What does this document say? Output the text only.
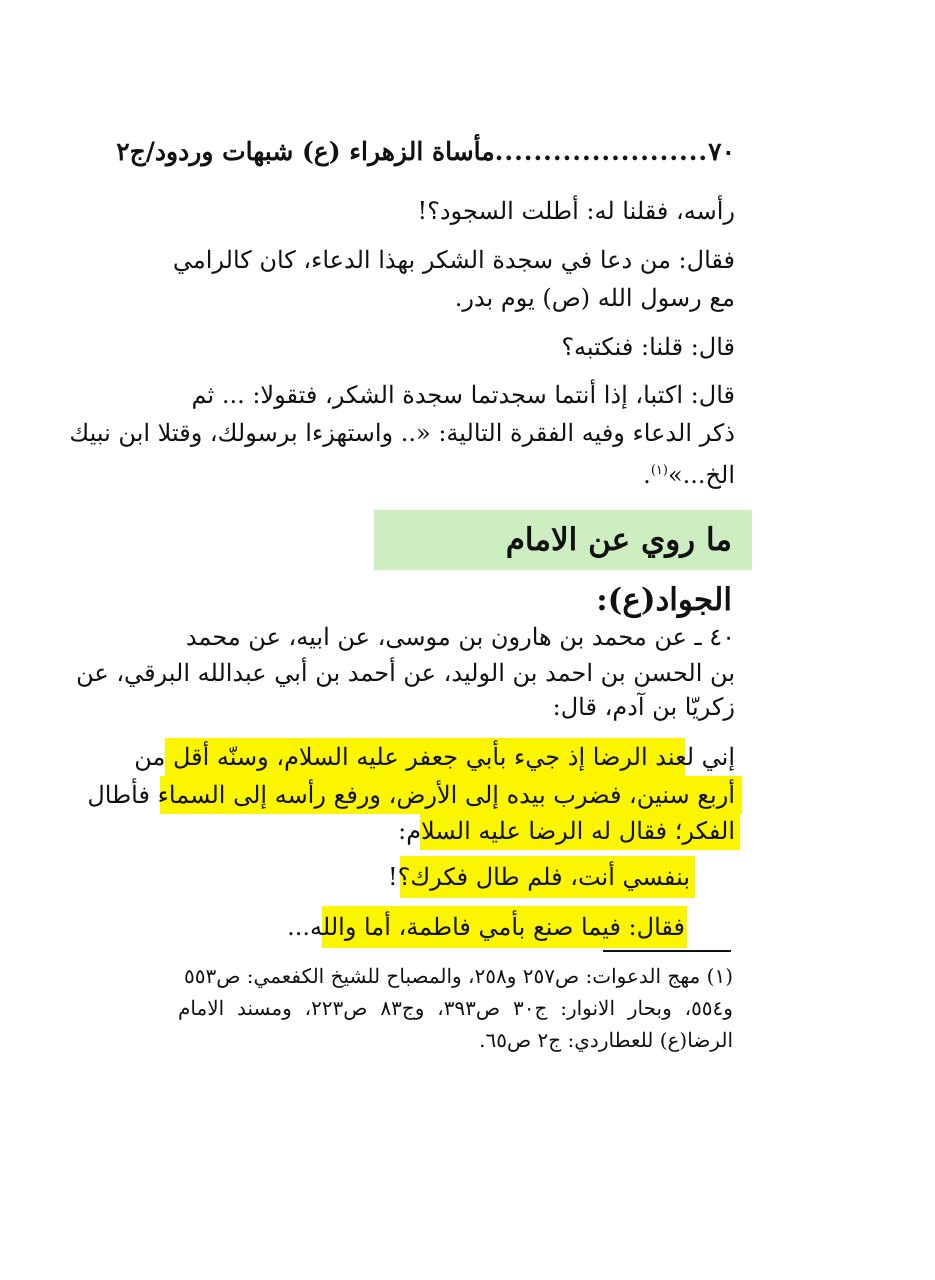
٧٠
......................
مأساة الزهراء (ع) شبهات وردود/ج٢

رأسه، فقلنا له: أطلت السجود؟!

فقال: من دعا في سجدة الشكر بهذا الدعاء، كان كالرامي

مع رسول الله (ص) يوم بدر.

قال: قلنا: فنكتبه؟

قال: اكتبا، إذا أنتما سجدتما سجدة الشكر، فتقولا: ... ثم

ذكر الدعاء وفيه الفقرة التالية: «.. واستهزءا برسولك، وقتلا ابن نبيك

الخ...»$^{(١)}$.

ما روي عن الامام الجواد(ع):

٤٠ ـ عن محمد بن هارون بن موسى، عن ابيه، عن محمد

بن الحسن بن احمد بن الوليد، عن أحمد بن أبي عبدالله البرقي، عن

زكريّا بن آدم، قال:

إني لعند الرضا إذ جيء بأبي جعفر عليه السلام، وسنّه أقل من
أربع سنين، فضرب بيده إلى الأرض، ورفع رأسه إلى السماء فأطال
الفكر؛ فقال له الرضا عليه السلام:
بنفسي أنت، فلم طال فكرك؟!
فقال: فيما صنع بأمي فاطمة، أما والله...

(١) مهج الدعوات: ص٢٥٧ و٢٥٨، والمصباح للشيخ الكفعمي: ص٥٥٣

و٥٥٤، وبحار الانوار: ج٣٠ ص٣٩٣، وج٨٣ ص٢٢٣، ومسند الامام

الرضا(ع) للعطاردي: ج٢ ص٦٥.
